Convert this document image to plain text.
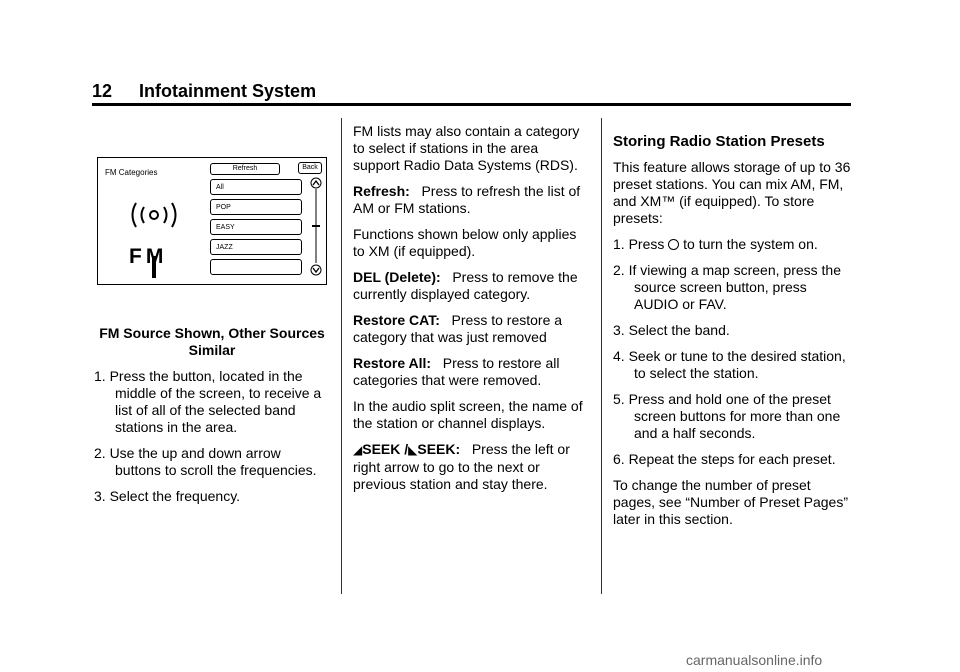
12 Infotainment System
FM Categories	Refresh	Back
All
POP
EASY
JAZZ
FM
FM Source Shown, Other Sources Similar
1. Press the button, located in the middle of the screen, to receive a list of all of the selected band stations in the area.
2. Use the up and down arrow buttons to scroll the frequencies.
3. Select the frequency.

FM lists may also contain a category to select if stations in the area support Radio Data Systems (RDS).

Refresh: Press to refresh the list of AM or FM stations.

Functions shown below only applies to XM (if equipped).

DEL (Delete): Press to remove the currently displayed category.

Restore CAT: Press to restore a category that was just removed

Restore All: Press to restore all categories that were removed.

In the audio split screen, the name of the station or channel displays.

◢SEEK /◣SEEK: Press the left or right arrow to go to the next or previous station and stay there.

Storing Radio Station Presets

This feature allows storage of up to 36 preset stations. You can mix AM, FM, and XM™ (if equipped). To store presets:

1. Press to turn the system on.
2. If viewing a map screen, press the source screen button, press AUDIO or FAV.
3. Select the band.
4. Seek or tune to the desired station, to select the station.
5. Press and hold one of the preset screen buttons for more than one and a half seconds.
6. Repeat the steps for each preset.

To change the number of preset pages, see “Number of Preset Pages” later in this section.

carmanualsonline.info
